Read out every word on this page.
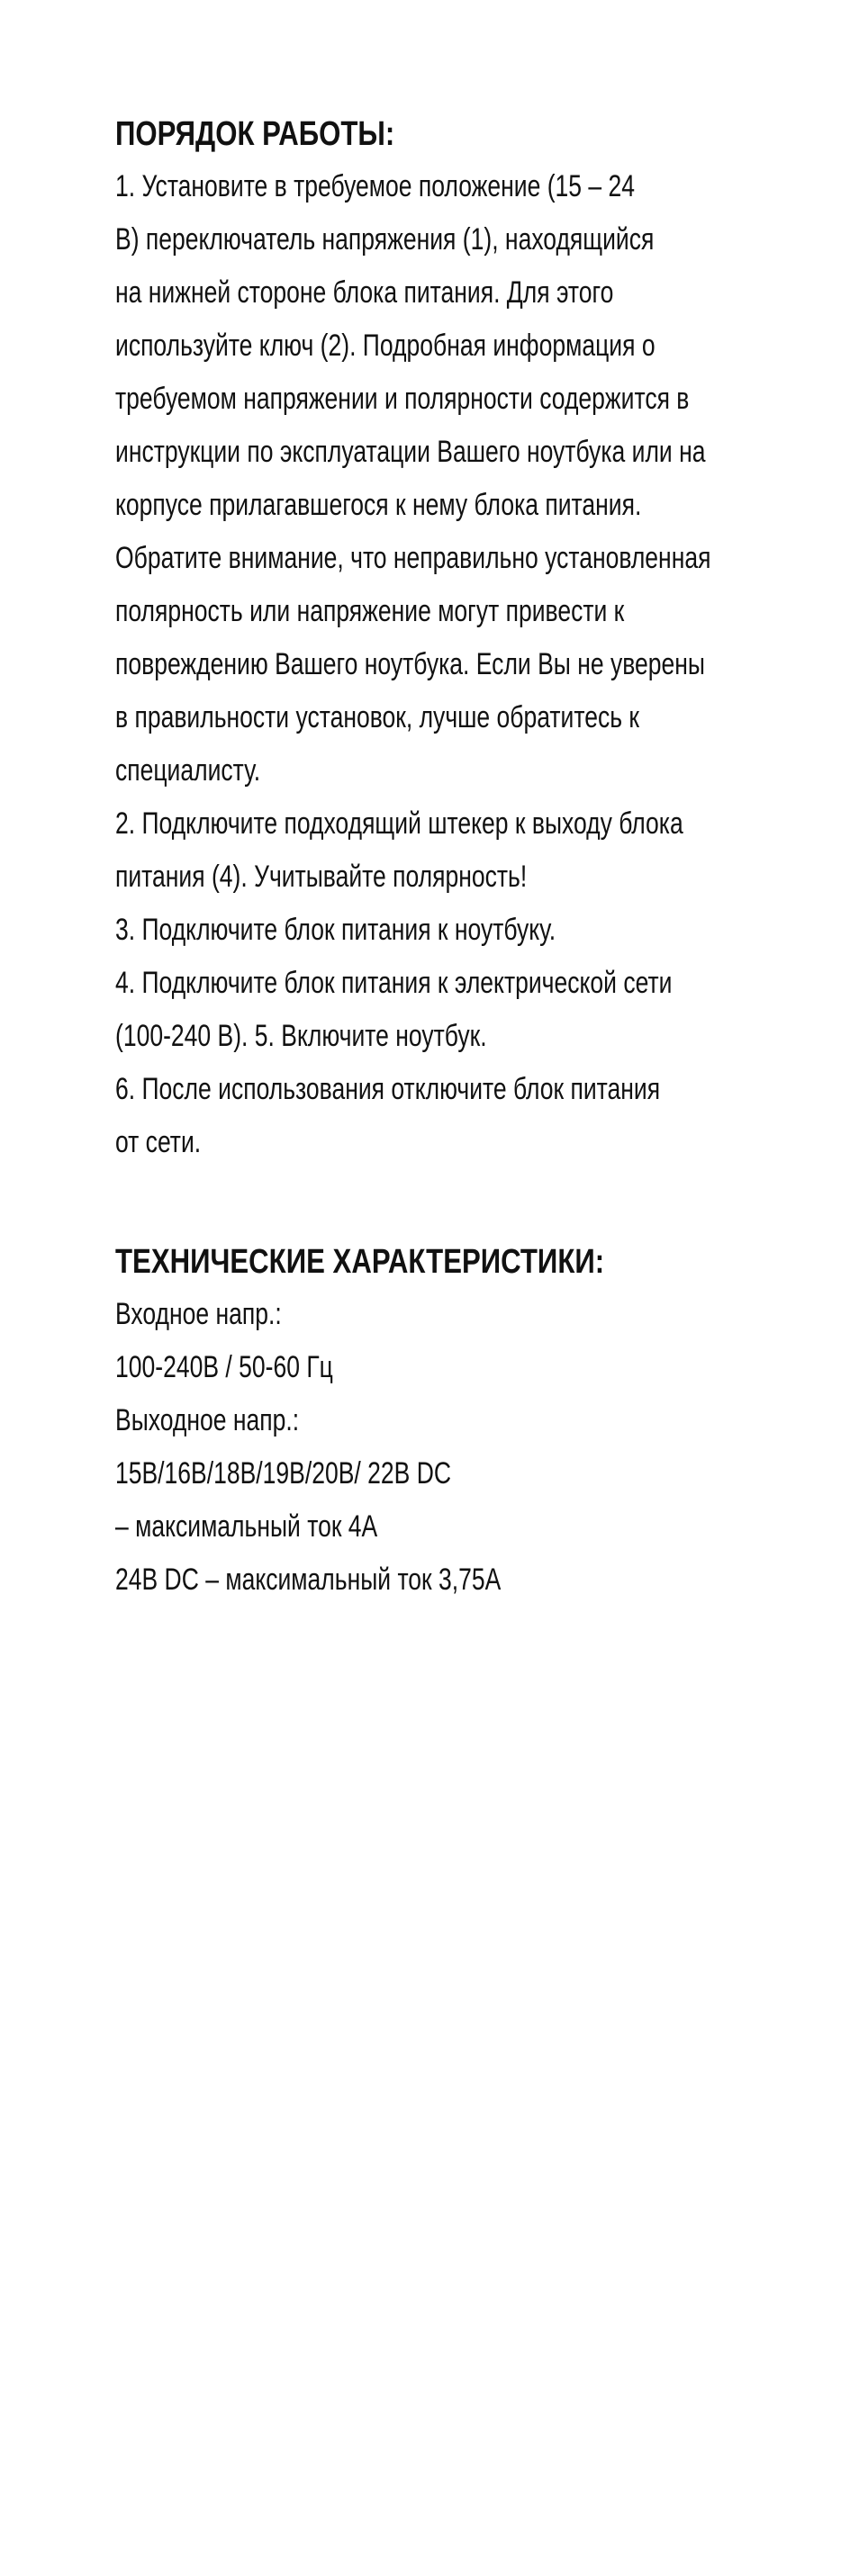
ПОРЯДОК РАБОТЫ:
1. Установите в требуемое положение (15 – 24
В) переключатель напряжения (1), находящийся
на нижней стороне блока питания. Для этого
используйте ключ (2). Подробная информация о
требуемом напряжении и полярности содержится в
инструкции по эксплуатации Вашего ноутбука или на
корпусе прилагавшегося к нему блока питания.
Обратите внимание, что неправильно установленная
полярность или напряжение могут привести к
повреждению Вашего ноутбука. Если Вы не уверены
в правильности установок, лучше обратитесь к
специалисту.
2. Подключите подходящий штекер к выходу блока
питания (4). Учитывайте полярность!
3. Подключите блок питания к ноутбуку.
4. Подключите блок питания к электрической сети
(100-240 В). 5. Включите ноутбук.
6. После использования отключите блок питания
от сети.
ТЕХНИЧЕСКИЕ ХАРАКТЕРИСТИКИ:
Входное напр.:
100-240В / 50-60 Гц
Выходное напр.:
15В/16В/18В/19В/20В/ 22В DC
– максимальный ток 4А
24В DC – максимальный ток 3,75А
